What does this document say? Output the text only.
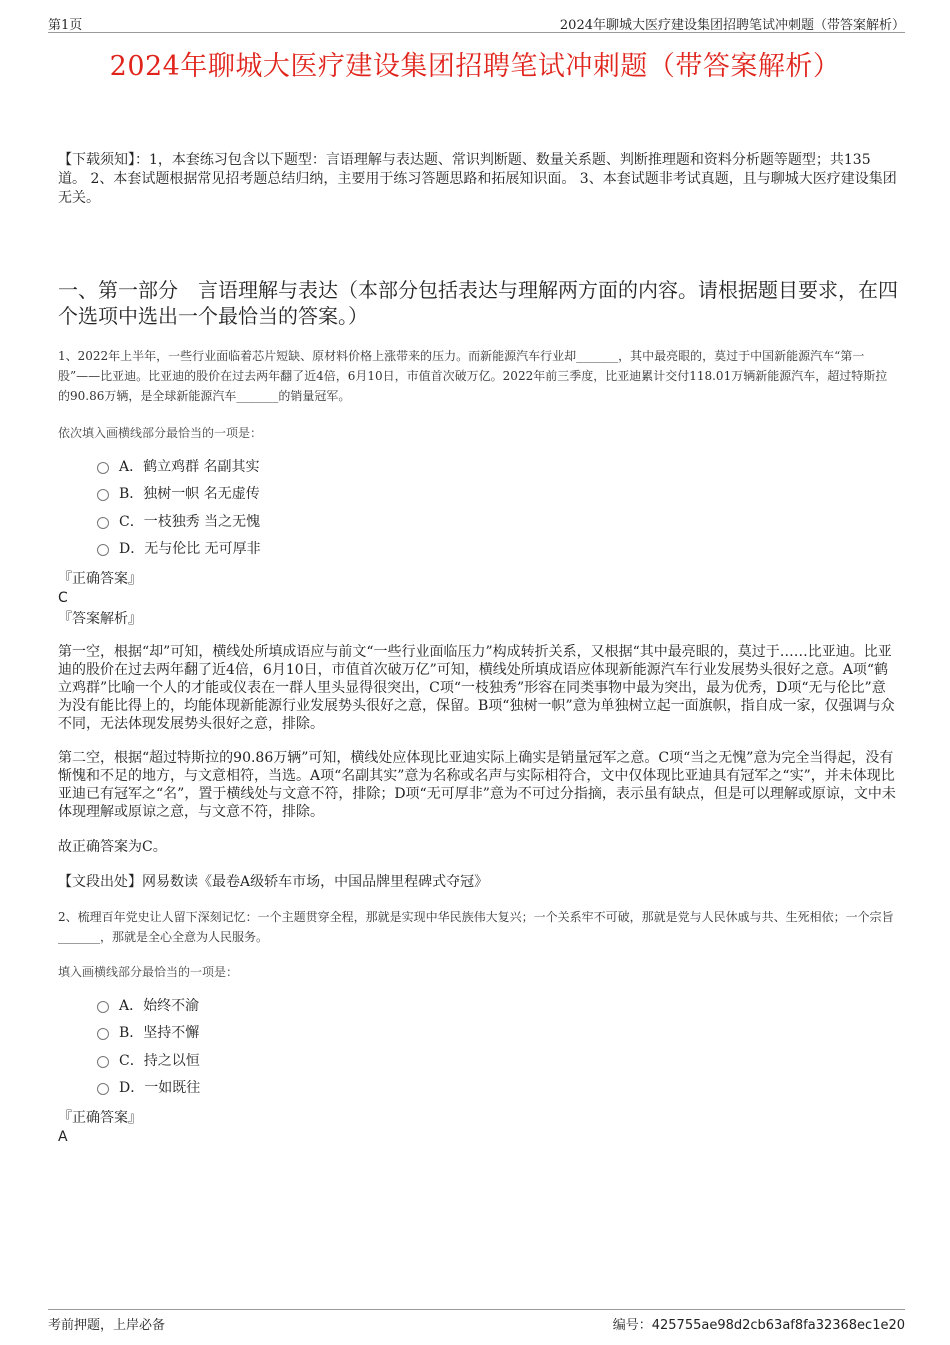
第1页	2024年聊城大医疗建设集团招聘笔试冲刺题（带答案解析）
2024年聊城大医疗建设集团招聘笔试冲刺题（带答案解析）
【下载须知】：1，本套练习包含以下题型：言语理解与表达题、常识判断题、数量关系题、判断推理题和资料分析题等题型；共135道。 2、本套试题根据常见招考题总结归纳，主要用于练习答题思路和拓展知识面。 3、本套试题非考试真题，且与聊城大医疗建设集团无关。
一、第一部分　言语理解与表达（本部分包括表达与理解两方面的内容。请根据题目要求，在四个选项中选出一个最恰当的答案。）
1、2022年上半年，一些行业面临着芯片短缺、原材料价格上涨带来的压力。而新能源汽车行业却_______，其中最亮眼的，莫过于中国新能源汽车“第一股”——比亚迪。比亚迪的股价在过去两年翻了近4倍，6月10日，市值首次破万亿。2022年前三季度，比亚迪累计交付118.01万辆新能源汽车，超过特斯拉的90.86万辆，是全球新能源汽车_______的销量冠军。
依次填入画横线部分最恰当的一项是：
A．鹤立鸡群 名副其实
B．独树一帜 名无虚传
C．一枝独秀 当之无愧
D．无与伦比 无可厚非
『正确答案』
C
『答案解析』
第一空，根据“却”可知，横线处所填成语应与前文“一些行业面临压力”构成转折关系，又根据“其中最亮眼的，莫过于……比亚迪。比亚迪的股价在过去两年翻了近4倍，6月10日，市值首次破万亿”可知，横线处所填成语应体现新能源汽车行业发展势头很好之意。A项“鹤立鸡群”比喻一个人的才能或仪表在一群人里头显得很突出，C项“一枝独秀”形容在同类事物中最为突出，最为优秀，D项“无与伦比”意为没有能比得上的，均能体现新能源行业发展势头很好之意，保留。B项“独树一帜”意为单独树立起一面旗帜，指自成一家，仅强调与众不同，无法体现发展势头很好之意，排除。
第二空，根据“超过特斯拉的90.86万辆”可知，横线处应体现比亚迪实际上确实是销量冠军之意。C项“当之无愧”意为完全当得起，没有惭愧和不足的地方，与文意相符，当选。A项“名副其实”意为名称或名声与实际相符合，文中仅体现比亚迪具有冠军之“实”，并未体现比亚迪已有冠军之“名”，置于横线处与文意不符，排除；D项“无可厚非”意为不可过分指摘，表示虽有缺点，但是可以理解或原谅，文中未体现理解或原谅之意，与文意不符，排除。
故正确答案为C。
【文段出处】网易数读《最卷A级轿车市场，中国品牌里程碑式夺冠》
2、梳理百年党史让人留下深刻记忆：一个主题贯穿全程，那就是实现中华民族伟大复兴；一个关系牢不可破，那就是党与人民休戚与共、生死相依；一个宗旨_______，那就是全心全意为人民服务。
填入画横线部分最恰当的一项是：
A．始终不渝
B．坚持不懈
C．持之以恒
D．一如既往
『正确答案』
A
考前押题，上岸必备	编号：425755ae98d2cb63af8fa32368ec1e20
